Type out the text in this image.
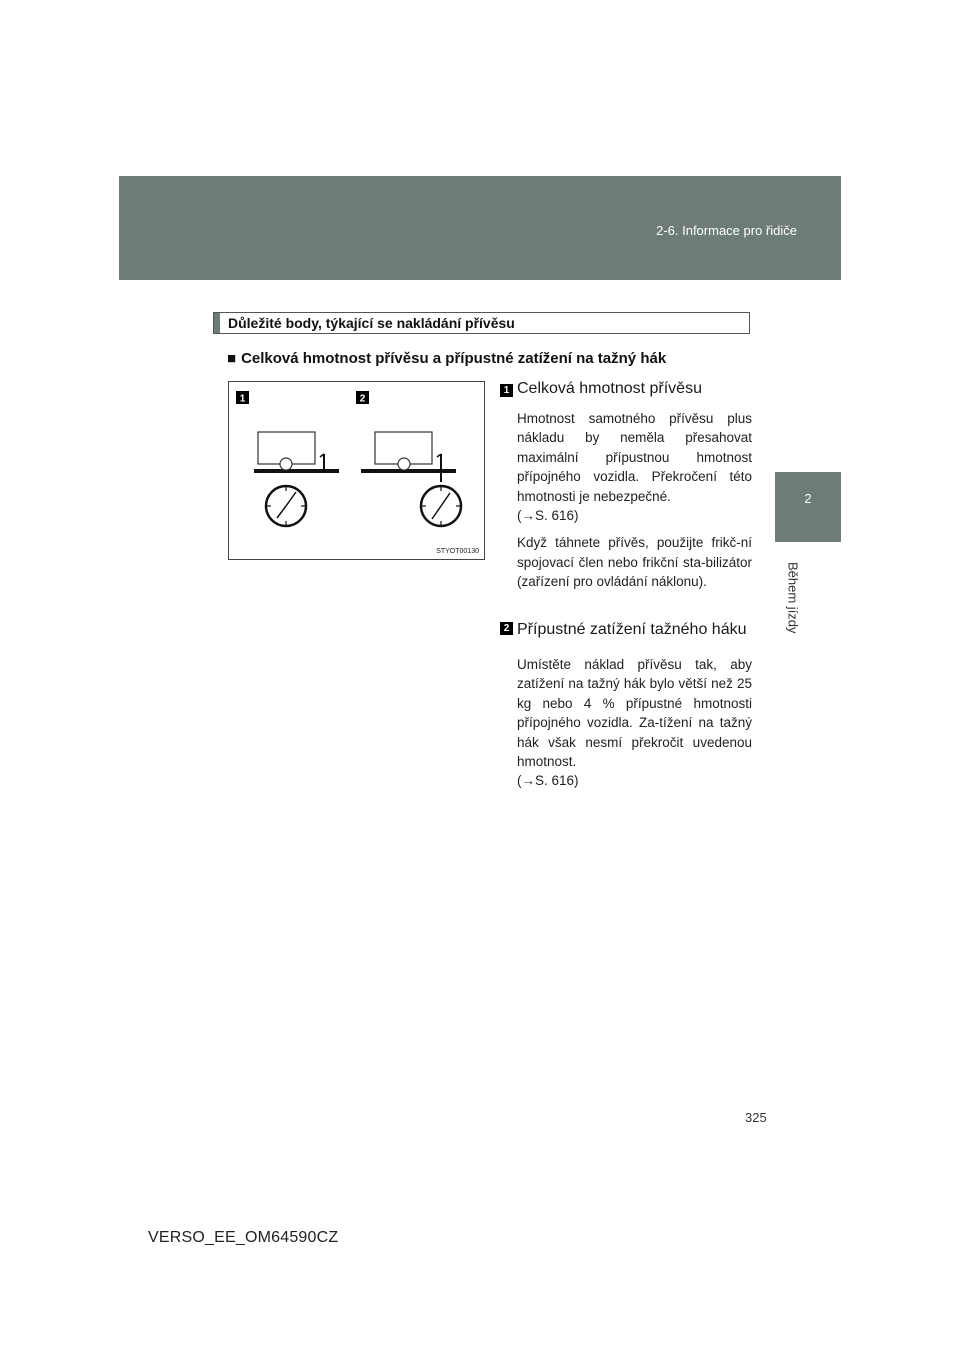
2-6. Informace pro řidiče
2
Během jízdy
Důležité body, týkající se nakládání přívěsu
■ Celková hmotnost přívěsu a přípustné zatížení na tažný hák
1	2
STYOT00130
1 Celková hmotnost přívěsu
Hmotnost samotného přívěsu plus nákladu by neměla přesahovat maximální přípustnou hmotnost přípojného vozidla. Překročení této hmotnosti je nebezpečné.
(→S. 616)
Když táhnete přívěs, použijte frikč-ní spojovací člen nebo frikční sta-bilizátor (zařízení pro ovládání náklonu).
2 Přípustné zatížení tažného háku
Umístěte náklad přívěsu tak, aby zatížení na tažný hák bylo větší než 25 kg nebo 4 % přípustné hmotnosti přípojného vozidla. Za-tížení na tažný hák však nesmí překročit uvedenou hmotnost.
(→S. 616)
325
VERSO_EE_OM64590CZ
